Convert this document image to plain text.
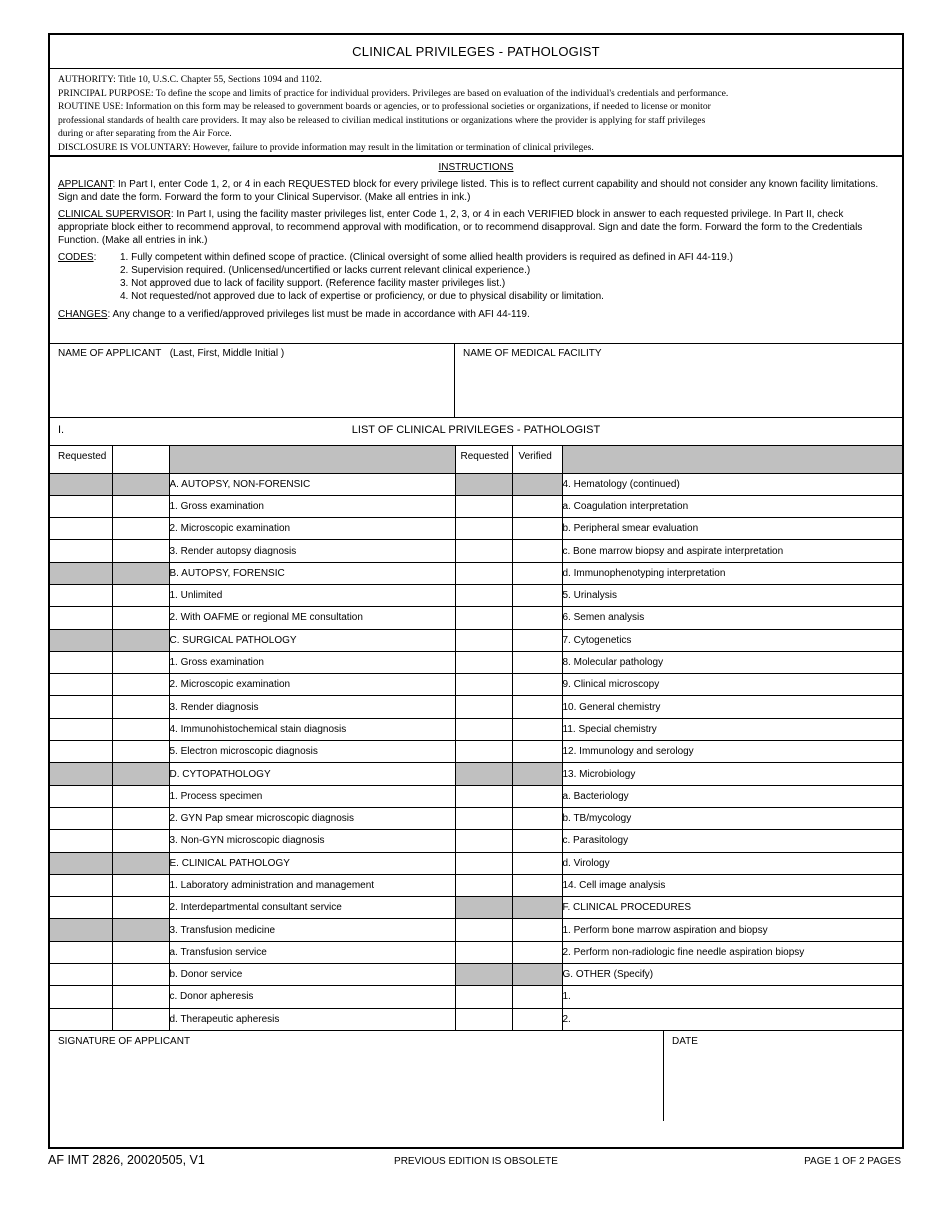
CLINICAL PRIVILEGES - PATHOLOGIST
AUTHORITY: Title 10, U.S.C. Chapter 55, Sections 1094 and 1102.
PRINCIPAL PURPOSE: To define the scope and limits of practice for individual providers. Privileges are based on evaluation of the individual's credentials and performance.
ROUTINE USE: Information on this form may be released to government boards or agencies, or to professional societies or organizations, if needed to license or monitor
professional standards of health care providers. It may also be released to civilian medical institutions or organizations where the provider is applying for staff privileges
during or after separating from the Air Force.
DISCLOSURE IS VOLUNTARY: However, failure to provide information may result in the limitation or termination of clinical privileges.
INSTRUCTIONS
APPLICANT: In Part I, enter Code 1, 2, or 4 in each REQUESTED block for every privilege listed. This is to reflect current capability and should not consider any known facility limitations. Sign and date the form. Forward the form to your Clinical Supervisor. (Make all entries in ink.)
CLINICAL SUPERVISOR: In Part I, using the facility master privileges list, enter Code 1, 2, 3, or 4 in each VERIFIED block in answer to each requested privilege. In Part II, check appropriate block either to recommend approval, to recommend approval with modification, or to recommend disapproval. Sign and date the form. Forward the form to the Credentials Function. (Make all entries in ink.)
CODES:	1. Fully competent within defined scope of practice. (Clinical oversight of some allied health providers is required as defined in AFI 44-119.)
2. Supervision required. (Unlicensed/uncertified or lacks current relevant clinical experience.)
3. Not approved due to lack of facility support. (Reference facility master privileges list.)
4. Not requested/not approved due to lack of expertise or proficiency, or due to physical disability or limitation.
CHANGES: Any change to a verified/approved privileges list must be made in accordance with AFI 44-119.
NAME OF APPLICANT (Last, First, Middle Initial )	NAME OF MEDICAL FACILITY
I.	LIST OF CLINICAL PRIVILEGES - PATHOLOGIST
Requested			Requested	Verified	
		A. AUTOPSY, NON-FORENSIC			4. Hematology (continued)
		1. Gross examination			a. Coagulation interpretation
		2. Microscopic examination			b. Peripheral smear evaluation
		3. Render autopsy diagnosis			c. Bone marrow biopsy and aspirate interpretation
		B. AUTOPSY, FORENSIC			d. Immunophenotyping interpretation
		1. Unlimited			5. Urinalysis
		2. With OAFME or regional ME consultation			6. Semen analysis
		C. SURGICAL PATHOLOGY			7. Cytogenetics
		1. Gross examination			8. Molecular pathology
		2. Microscopic examination			9. Clinical microscopy
		3. Render diagnosis			10. General chemistry
		4. Immunohistochemical stain diagnosis			11. Special chemistry
		5. Electron microscopic diagnosis			12. Immunology and serology
		D. CYTOPATHOLOGY			13. Microbiology
		1. Process specimen			a. Bacteriology
		2. GYN Pap smear microscopic diagnosis			b. TB/mycology
		3. Non-GYN microscopic diagnosis			c. Parasitology
		E. CLINICAL PATHOLOGY			d. Virology
		1. Laboratory administration and management			14. Cell image analysis
		2. Interdepartmental consultant service			F. CLINICAL PROCEDURES
		3. Transfusion medicine			1. Perform bone marrow aspiration and biopsy
		a. Transfusion service			2. Perform non-radiologic fine needle aspiration biopsy
		b. Donor service			G. OTHER (Specify)
		c. Donor apheresis			1.
		d. Therapeutic apheresis			2.
SIGNATURE OF APPLICANT	DATE
AF IMT 2826, 20020505, V1	PREVIOUS EDITION IS OBSOLETE	PAGE 1 OF 2 PAGES
